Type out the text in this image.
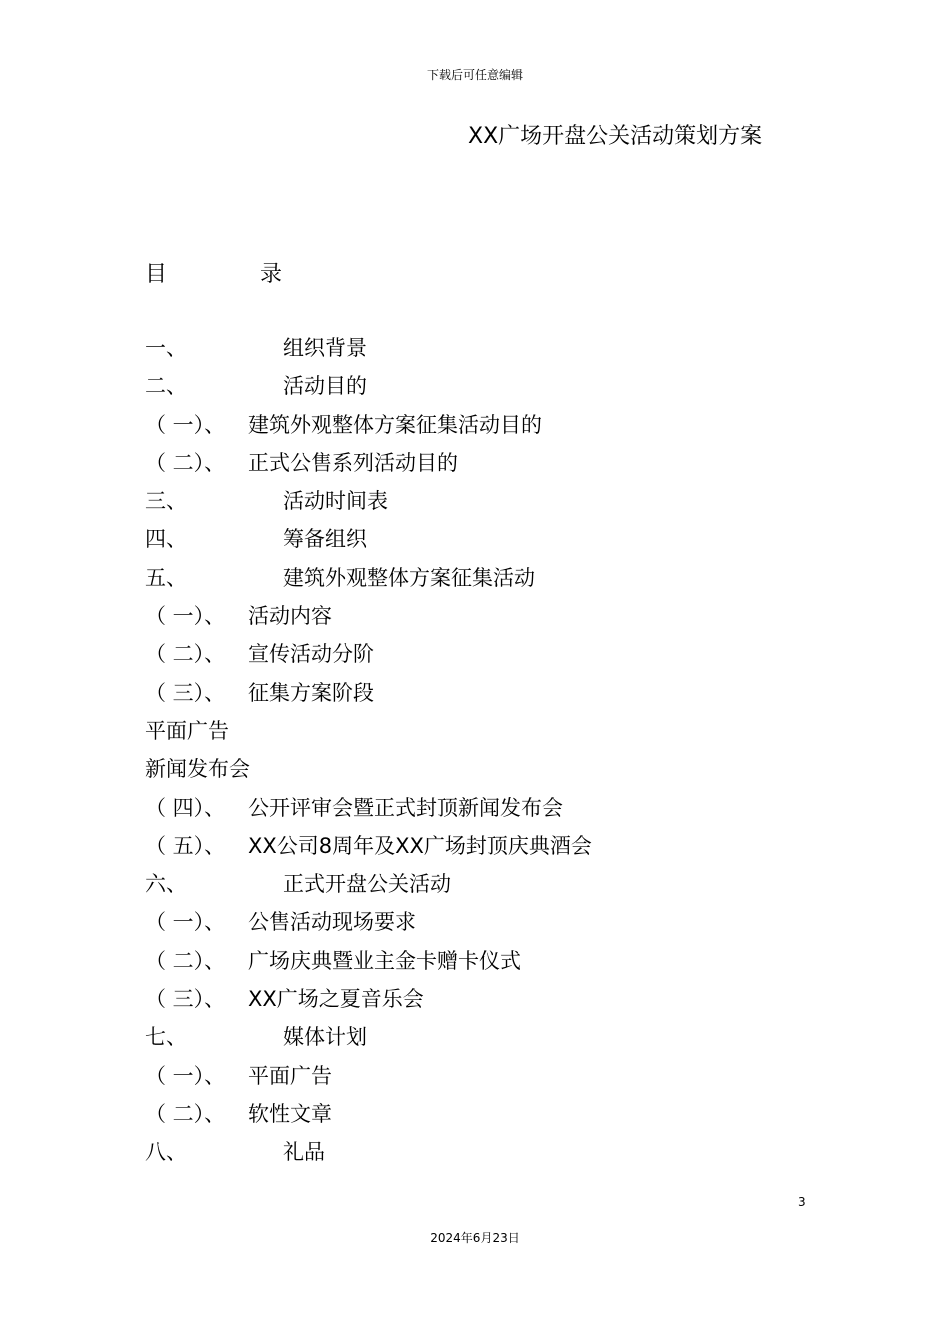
下载后可任意编辑
XX广场开盘公关活动策划方案
目	录
一、	组织背景
二、	活动目的
（ 一）、 建筑外观整体方案征集活动目的
（ 二）、 正式公售系列活动目的
三、	活动时间表
四、	筹备组织
五、	建筑外观整体方案征集活动
（ 一）、 活动内容
（ 二）、 宣传活动分阶
（ 三）、 征集方案阶段
平面广告
新闻发布会
（ 四）、 公开评审会暨正式封顶新闻发布会
（ 五）、 XX公司8周年及XX广场封顶庆典酒会
六、	正式开盘公关活动
（ 一）、 公售活动现场要求
（ 二）、 广场庆典暨业主金卡赠卡仪式
（ 三）、 XX广场之夏音乐会
七、	媒体计划
（ 一）、 平面广告
（ 二）、 软性文章
八、	礼品
3
2024年6月23日
